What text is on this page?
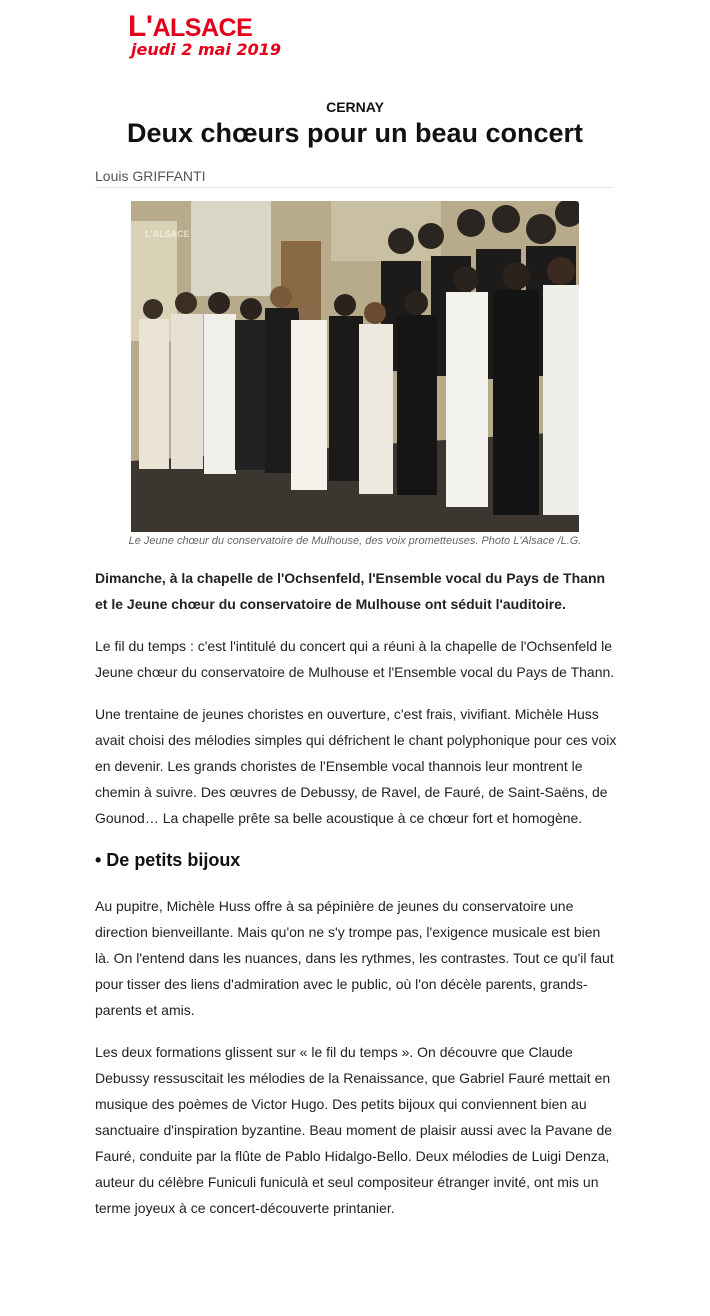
L'ALSACE
jeudi 2 mai 2019
CERNAY
Deux chœurs pour un beau concert
Louis GRIFFANTI
L'ALSACE
Le Jeune chœur du conservatoire de Mulhouse, des voix prometteuses. Photo L'Alsace /L.G.

Dimanche, à la chapelle de l'Ochsenfeld, l'Ensemble vocal du Pays de Thann et le Jeune chœur du conservatoire de Mulhouse ont séduit l'auditoire.

Le fil du temps : c'est l'intitulé du concert qui a réuni à la chapelle de l'Ochsenfeld le Jeune chœur du conservatoire de Mulhouse et l'Ensemble vocal du Pays de Thann.

Une trentaine de jeunes choristes en ouverture, c'est frais, vivifiant. Michèle Huss avait choisi des mélodies simples qui défrichent le chant polyphonique pour ces voix en devenir. Les grands choristes de l'Ensemble vocal thannois leur montrent le chemin à suivre. Des œuvres de Debussy, de Ravel, de Fauré, de Saint-Saëns, de Gounod… La chapelle prête sa belle acoustique à ce chœur fort et homogène.

• De petits bijoux

Au pupitre, Michèle Huss offre à sa pépinière de jeunes du conservatoire une direction bienveillante. Mais qu'on ne s'y trompe pas, l'exigence musicale est bien là. On l'entend dans les nuances, dans les rythmes, les contrastes. Tout ce qu'il faut pour tisser des liens d'admiration avec le public, où l'on décèle parents, grands-parents et amis.

Les deux formations glissent sur « le fil du temps ». On découvre que Claude Debussy ressuscitait les mélodies de la Renaissance, que Gabriel Fauré mettait en musique des poèmes de Victor Hugo. Des petits bijoux qui conviennent bien au sanctuaire d'inspiration byzantine. Beau moment de plaisir aussi avec la Pavane de Fauré, conduite par la flûte de Pablo Hidalgo-Bello. Deux mélodies de Luigi Denza, auteur du célèbre Funiculi funiculà et seul compositeur étranger invité, ont mis un terme joyeux à ce concert-découverte printanier.
